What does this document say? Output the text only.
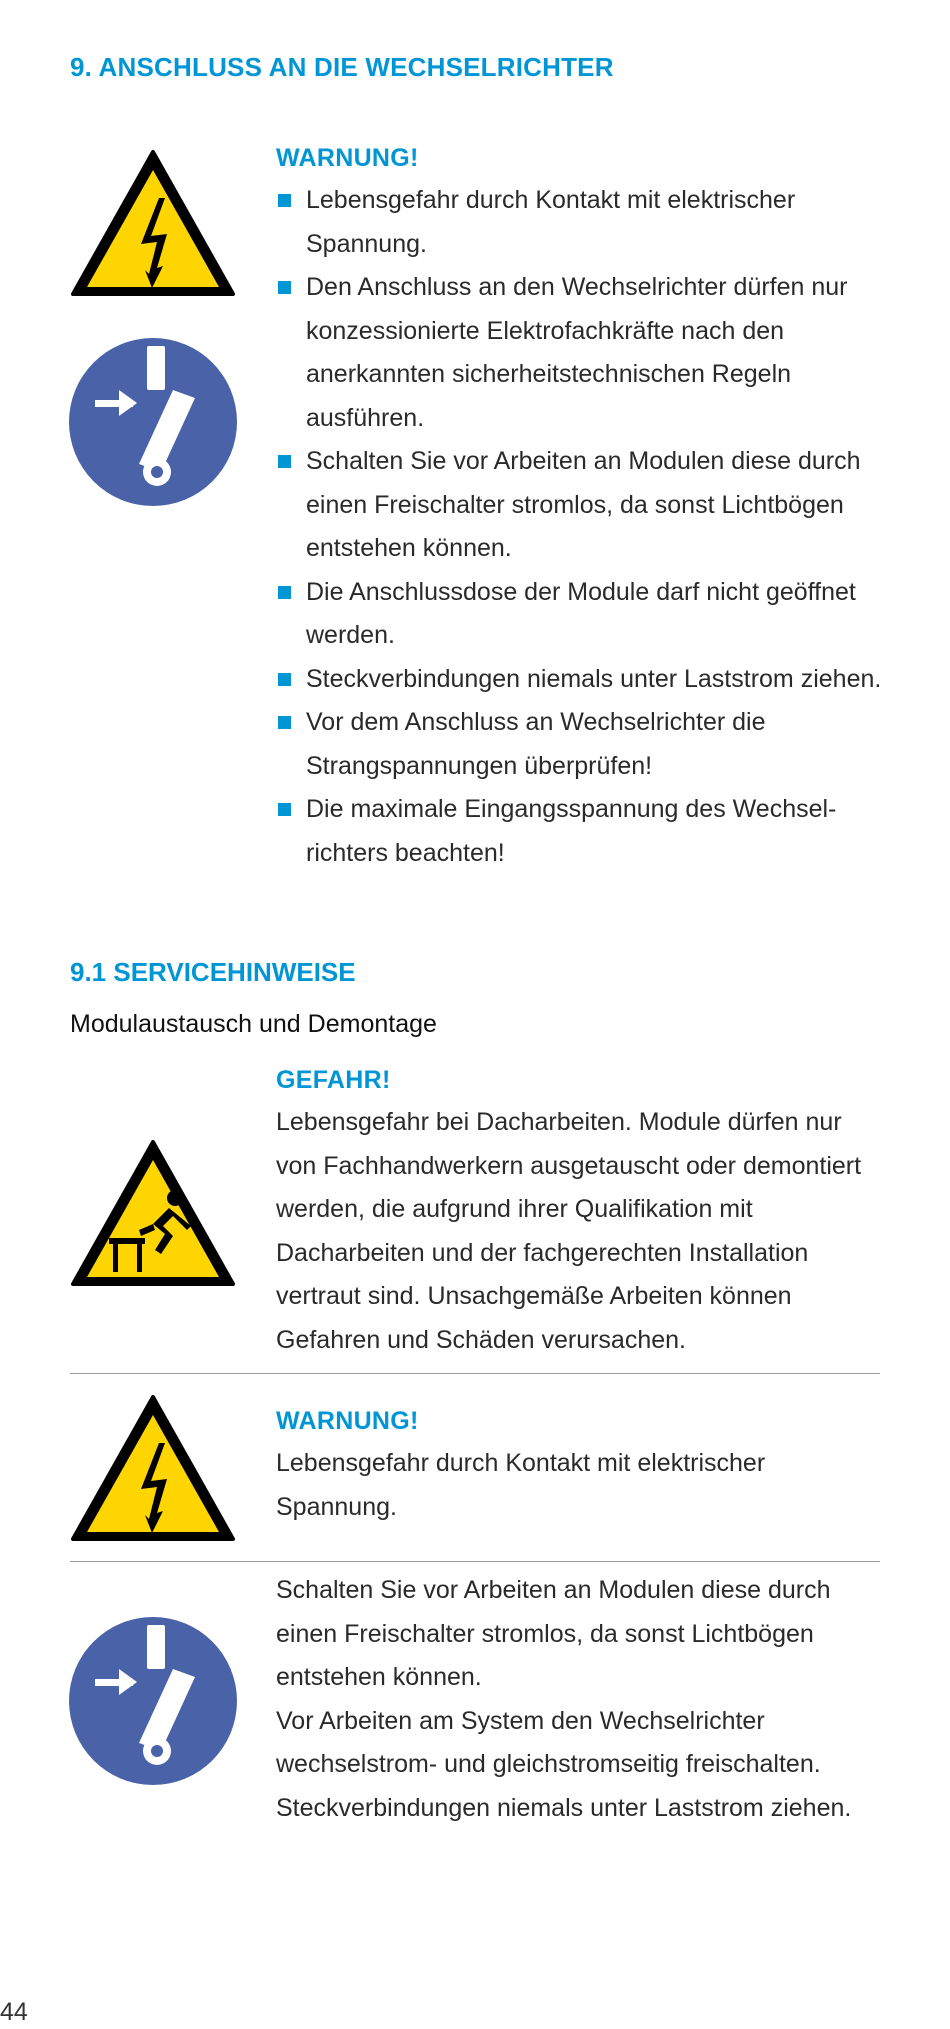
9. ANSCHLUSS AN DIE WECHSELRICHTER
WARNUNG!
Lebensgefahr durch Kontakt mit elektrischer Spannung.
Den Anschluss an den Wechselrichter dürfen nur konzessionierte Elektrofachkräfte nach den anerkannten sicherheitstechnischen Regeln ausführen.
Schalten Sie vor Arbeiten an Modulen diese durch einen Freischalter stromlos, da sonst Lichtbögen entstehen können.
Die Anschlussdose der Module darf nicht geöffnet werden.
Steckverbindungen niemals unter Laststrom ziehen.
Vor dem Anschluss an Wechselrichter die Strangspannungen überprüfen!
Die maximale Eingangsspannung des Wechsel-richters beachten!
9.1 SERVICEHINWEISE
Modulaustausch und Demontage
GEFAHR!
Lebensgefahr bei Dacharbeiten. Module dürfen nur von Fachhandwerkern ausgetauscht oder demontiert werden, die aufgrund ihrer Qualifikation mit Dacharbeiten und der fachgerechten Installation vertraut sind. Unsachgemäße Arbeiten können Gefahren und Schäden verursachen.
WARNUNG!
Lebensgefahr durch Kontakt mit elektrischer Spannung.
Schalten Sie vor Arbeiten an Modulen diese durch einen Freischalter stromlos, da sonst Lichtbögen entstehen können.
Vor Arbeiten am System den Wechselrichter wechselstrom- und gleichstromseitig freischalten.
Steckverbindungen niemals unter Laststrom ziehen.
44
